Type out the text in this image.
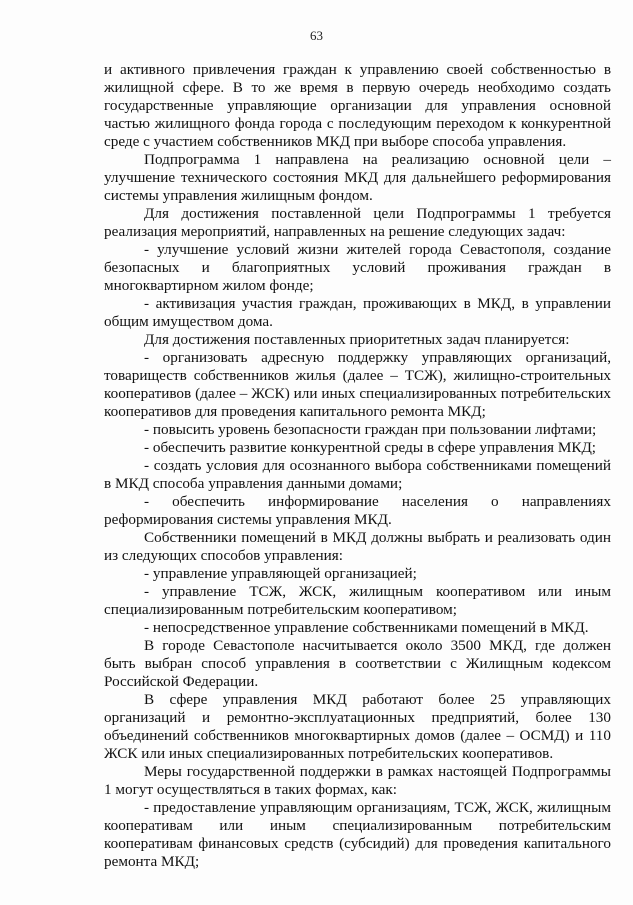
63

и активного привлечения граждан к управлению своей собственностью в жилищной сфере. В то же время в первую очередь необходимо создать государственные управляющие организации для управления основной частью жилищного фонда города с последующим переходом к конкурентной среде с участием собственников МКД при выборе способа управления.

Подпрограмма 1 направлена на реализацию основной цели – улучшение технического состояния МКД для дальнейшего реформирования системы управления жилищным фондом.

Для достижения поставленной цели Подпрограммы 1 требуется реализация мероприятий, направленных на решение следующих задач:

- улучшение условий жизни жителей города Севастополя, создание безопасных и благоприятных условий проживания граждан в многоквартирном жилом фонде;

- активизация участия граждан, проживающих в МКД, в управлении общим имуществом дома.

Для достижения поставленных приоритетных задач планируется:

- организовать адресную поддержку управляющих организаций, товариществ собственников жилья (далее – ТСЖ), жилищно-строительных кооперативов (далее – ЖСК) или иных специализированных потребительских кооперативов для проведения капитального ремонта МКД;

- повысить уровень безопасности граждан при пользовании лифтами;

- обеспечить развитие конкурентной среды в сфере управления МКД;

- создать условия для осознанного выбора собственниками помещений в МКД способа управления данными домами;

- обеспечить информирование населения о направлениях реформирования системы управления МКД.

Собственники помещений в МКД должны выбрать и реализовать один из следующих способов управления:

- управление управляющей организацией;

- управление ТСЖ, ЖСК, жилищным кооперативом или иным специализированным потребительским кооперативом;

- непосредственное управление собственниками помещений в МКД.

В городе Севастополе насчитывается около 3500 МКД, где должен быть выбран способ управления в соответствии с Жилищным кодексом Российской Федерации.

В сфере управления МКД работают более 25 управляющих организаций и ремонтно-эксплуатационных предприятий, более 130 объединений собственников многоквартирных домов (далее – ОСМД) и 110 ЖСК или иных специализированных потребительских кооперативов.

Меры государственной поддержки в рамках настоящей Подпрограммы 1 могут осуществляться в таких формах, как:

- предоставление управляющим организациям, ТСЖ, ЖСК, жилищным кооперативам или иным специализированным потребительским кооперативам финансовых средств (субсидий) для проведения капитального ремонта МКД;
